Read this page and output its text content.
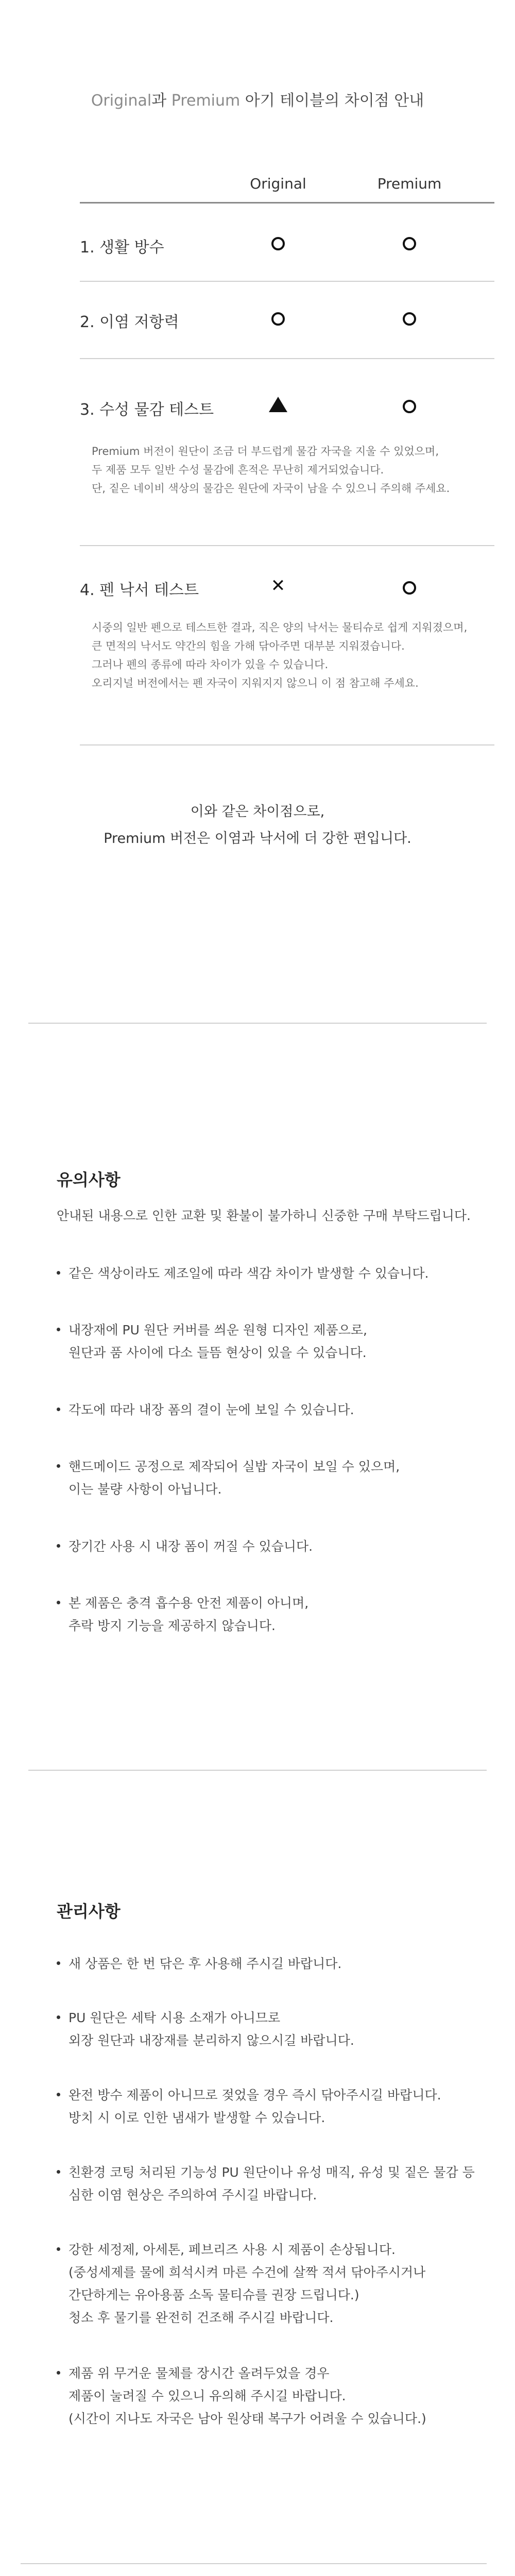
Original과 Premium 아기 테이블의 차이점 안내
Original	Premium
1. 생활 방수
2. 이염 저항력
3. 수성 물감 테스트
Premium 버전이 원단이 조금 더 부드럽게 물감 자국을 지울 수 있었으며,
두 제품 모두 일반 수성 물감에 흔적은 무난히 제거되었습니다.
단, 짙은 네이비 색상의 물감은 원단에 자국이 남을 수 있으니 주의해 주세요.
4. 펜 낙서 테스트	✕
시중의 일반 펜으로 테스트한 결과, 직은 양의 낙서는 물티슈로 쉽게 지워졌으며,
큰 면적의 낙서도 약간의 힘을 가해 닦아주면 대부분 지워졌습니다.
그러나 펜의 종류에 따라 차이가 있을 수 있습니다.
오리지널 버전에서는 펜 자국이 지워지지 않으니 이 점 참고해 주세요.
이와 같은 차이점으로,
Premium 버전은 이염과 낙서에 더 강한 편입니다.
유의사항
안내된 내용으로 인한 교환 및 환불이 불가하니 신중한 구매 부탁드립니다.
같은 색상이라도 제조일에 따라 색감 차이가 발생할 수 있습니다.
내장재에 PU 원단 커버를 씌운 원형 디자인 제품으로,
원단과 품 사이에 다소 들뜸 현상이 있을 수 있습니다.
각도에 따라 내장 폼의 결이 눈에 보일 수 있습니다.
핸드메이드 공정으로 제작되어 실밥 자국이 보일 수 있으며,
이는 불량 사항이 아닙니다.
장기간 사용 시 내장 폼이 꺼질 수 있습니다.
본 제품은 충격 흡수용 안전 제품이 아니며,
추락 방지 기능을 제공하지 않습니다.
관리사항
새 상품은 한 번 닦은 후 사용해 주시길 바랍니다.
PU 원단은 세탁 시용 소재가 아니므로
외장 원단과 내장재를 분리하지 않으시길 바랍니다.
완전 방수 제품이 아니므로 젖었을 경우 즉시 닦아주시길 바랍니다.
방치 시 이로 인한 냄새가 발생할 수 있습니다.
친환경 코팅 처리된 기능성 PU 원단이나 유성 매직, 유성 및 짙은 물감 등
심한 이염 현상은 주의하여 주시길 바랍니다.
강한 세정제, 아세톤, 페브리즈 사용 시 제품이 손상됩니다.
(중성세제를 물에 희석시켜 마른 수건에 살짝 적셔 닦아주시거나
간단하게는 유아용품 소독 물티슈를 권장 드립니다.)
청소 후 물기를 완전히 건조해 주시길 바랍니다.
제품 위 무거운 물체를 장시간 올려두었을 경우
제품이 눌려질 수 있으니 유의해 주시길 바랍니다.
(시간이 지나도 자국은 남아 원상태 복구가 어려울 수 있습니다.)
